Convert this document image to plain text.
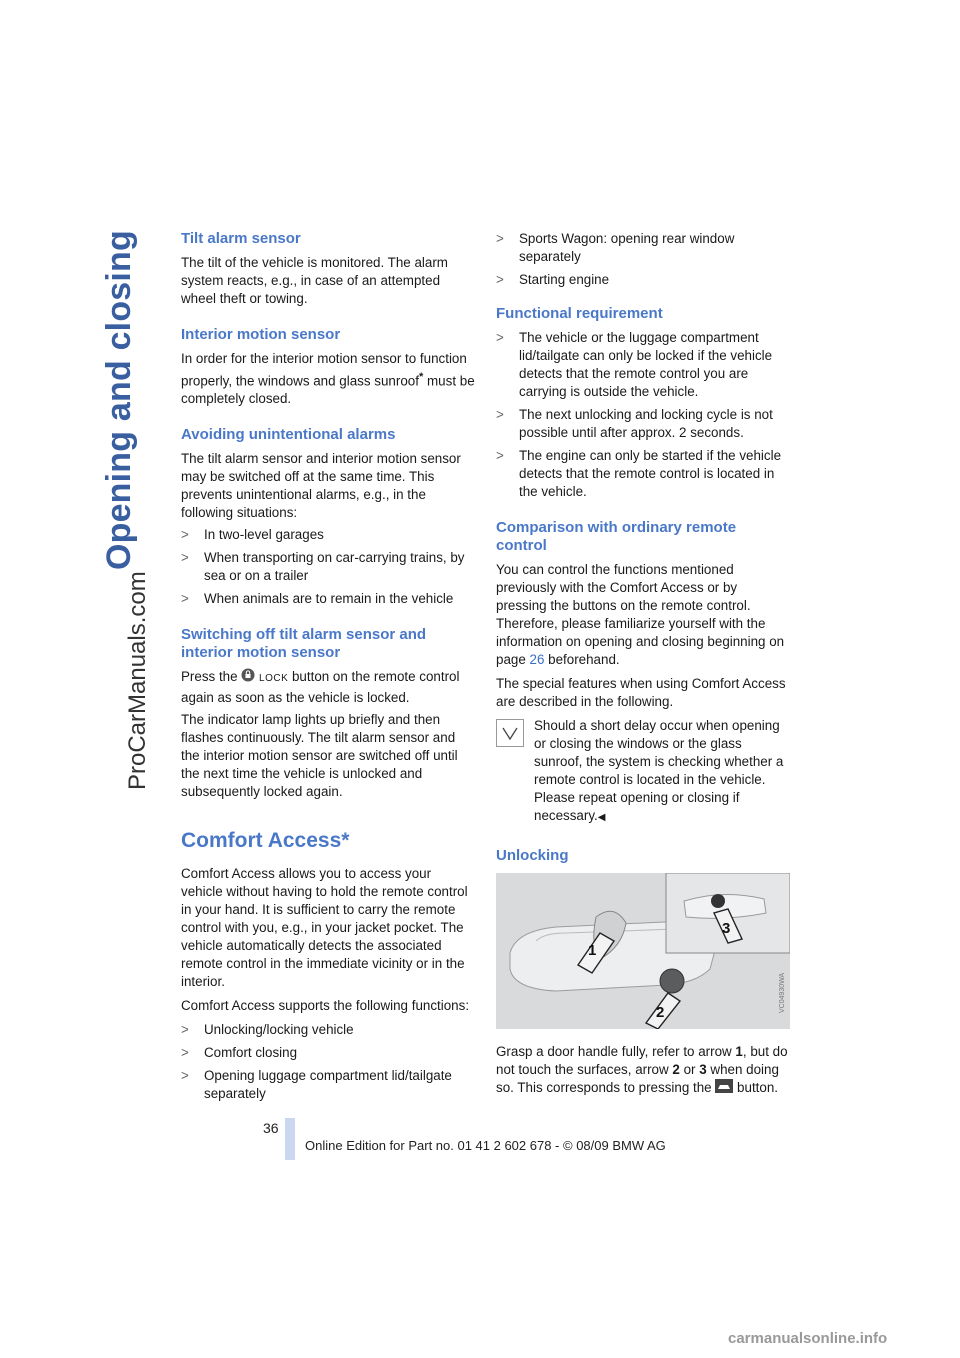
Opening and closing
ProCarManuals.com
Tilt alarm sensor

The tilt of the vehicle is monitored. The alarm system reacts, e.g., in case of an attempted wheel theft or towing.

Interior motion sensor

In order for the interior motion sensor to function properly, the windows and glass sunroof* must be completely closed.

Avoiding unintentional alarms

The tilt alarm sensor and interior motion sensor may be switched off at the same time. This prevents unintentional alarms, e.g., in the following situations:

> In two-level garages
> When transporting on car-carrying trains, by sea or on a trailer
> When animals are to remain in the vehicle
Switching off tilt alarm sensor and interior motion sensor

Press the  LOCK button on the remote control again as soon as the vehicle is locked.

The indicator lamp lights up briefly and then flashes continuously. The tilt alarm sensor and the interior motion sensor are switched off until the next time the vehicle is unlocked and subsequently locked again.

Comfort Access*

Comfort Access allows you to access your vehicle without having to hold the remote control in your hand. It is sufficient to carry the remote control with you, e.g., in your jacket pocket. The vehicle automatically detects the associated remote control in the immediate vicinity or in the interior.

Comfort Access supports the following functions:

> Unlocking/locking vehicle
> Comfort closing
> Opening luggage compartment lid/tailgate separately
> Sports Wagon: opening rear window separately
> Starting engine
Functional requirement
> The vehicle or the luggage compartment lid/tailgate can only be locked if the vehicle detects that the remote control you are carrying is outside the vehicle.
> The next unlocking and locking cycle is not possible until after approx. 2 seconds.
> The engine can only be started if the vehicle detects that the remote control is located in the vehicle.
Comparison with ordinary remote control

You can control the functions mentioned previously with the Comfort Access or by pressing the buttons on the remote control. Therefore, please familiarize yourself with the information on opening and closing beginning on page 26 beforehand.

The special features when using Comfort Access are described in the following.

Should a short delay occur when opening or closing the windows or the glass sunroof, the system is checking whether a remote control is located in the vehicle. Please repeat opening or closing if necessary.◀
Unlocking
1
2
3
VC04930WA

Grasp a door handle fully, refer to arrow 1, but do not touch the surfaces, arrow 2 or 3 when doing so. This corresponds to pressing the  button.

36
Online Edition for Part no. 01 41 2 602 678 - © 08/09 BMW AG
carmanualsonline.info
